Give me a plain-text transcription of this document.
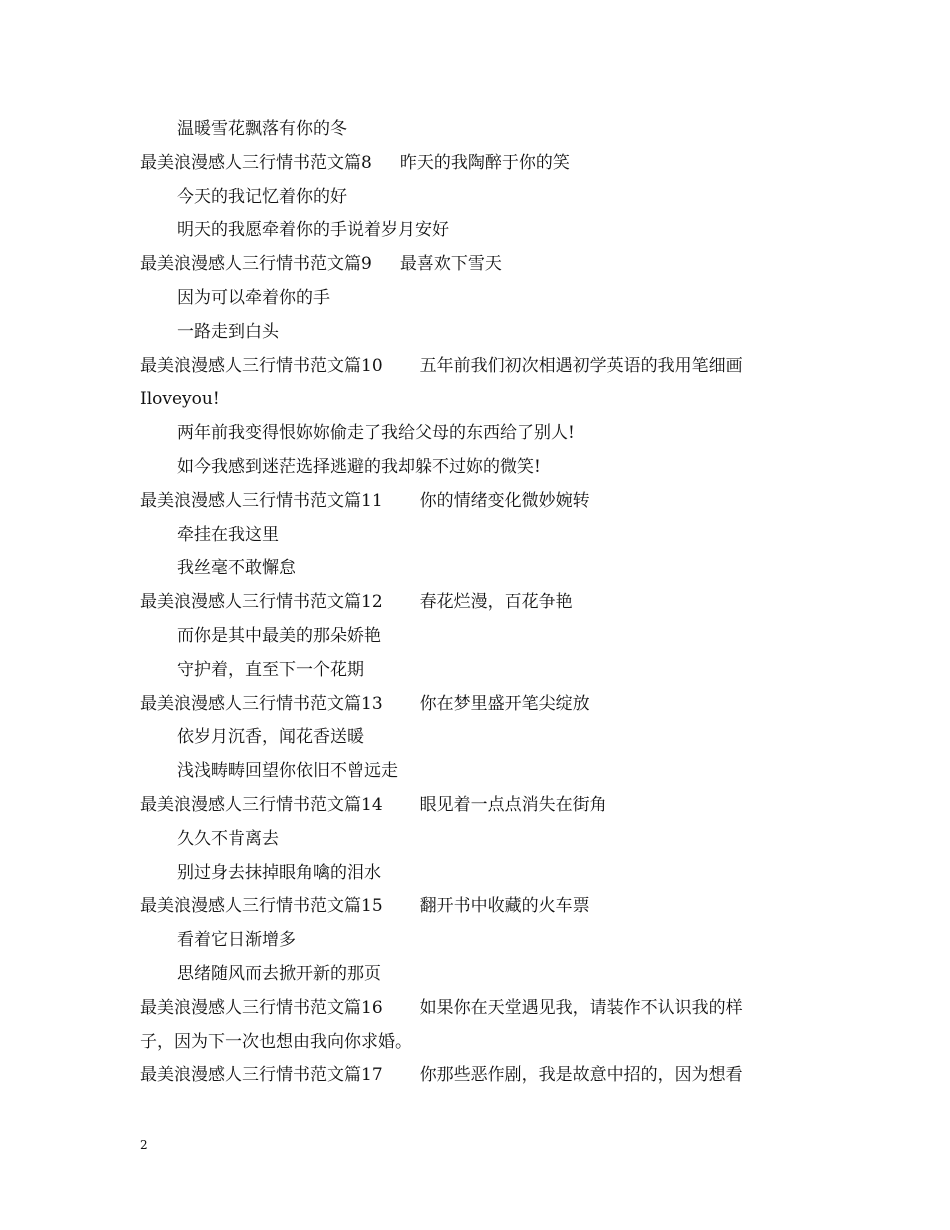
温暖雪花飘落有你的冬
最美浪漫感人三行情书范文篇8 昨天的我陶醉于你的笑
今天的我记忆着你的好
明天的我愿牵着你的手说着岁月安好
最美浪漫感人三行情书范文篇9 最喜欢下雪天
因为可以牵着你的手
一路走到白头
最美浪漫感人三行情书范文篇10 五年前我们初次相遇初学英语的我用笔细画
Iloveyou!
两年前我变得恨妳妳偷走了我给父母的东西给了别人!
如今我感到迷茫选择逃避的我却躲不过妳的微笑!
最美浪漫感人三行情书范文篇11 你的情绪变化微妙婉转
牵挂在我这里
我丝毫不敢懈怠
最美浪漫感人三行情书范文篇12 春花烂漫，百花争艳
而你是其中最美的那朵娇艳
守护着，直至下一个花期
最美浪漫感人三行情书范文篇13 你在梦里盛开笔尖绽放
依岁月沉香，闻花香送暖
浅浅畴畴回望你依旧不曾远走
最美浪漫感人三行情书范文篇14 眼见着一点点消失在街角
久久不肯离去
别过身去抹掉眼角噙的泪水
最美浪漫感人三行情书范文篇15 翻开书中收藏的火车票
看着它日渐增多
思绪随风而去掀开新的那页
最美浪漫感人三行情书范文篇16 如果你在天堂遇见我，请装作不认识我的样
子，因为下一次也想由我向你求婚。
最美浪漫感人三行情书范文篇17 你那些恶作剧，我是故意中招的，因为想看
2
